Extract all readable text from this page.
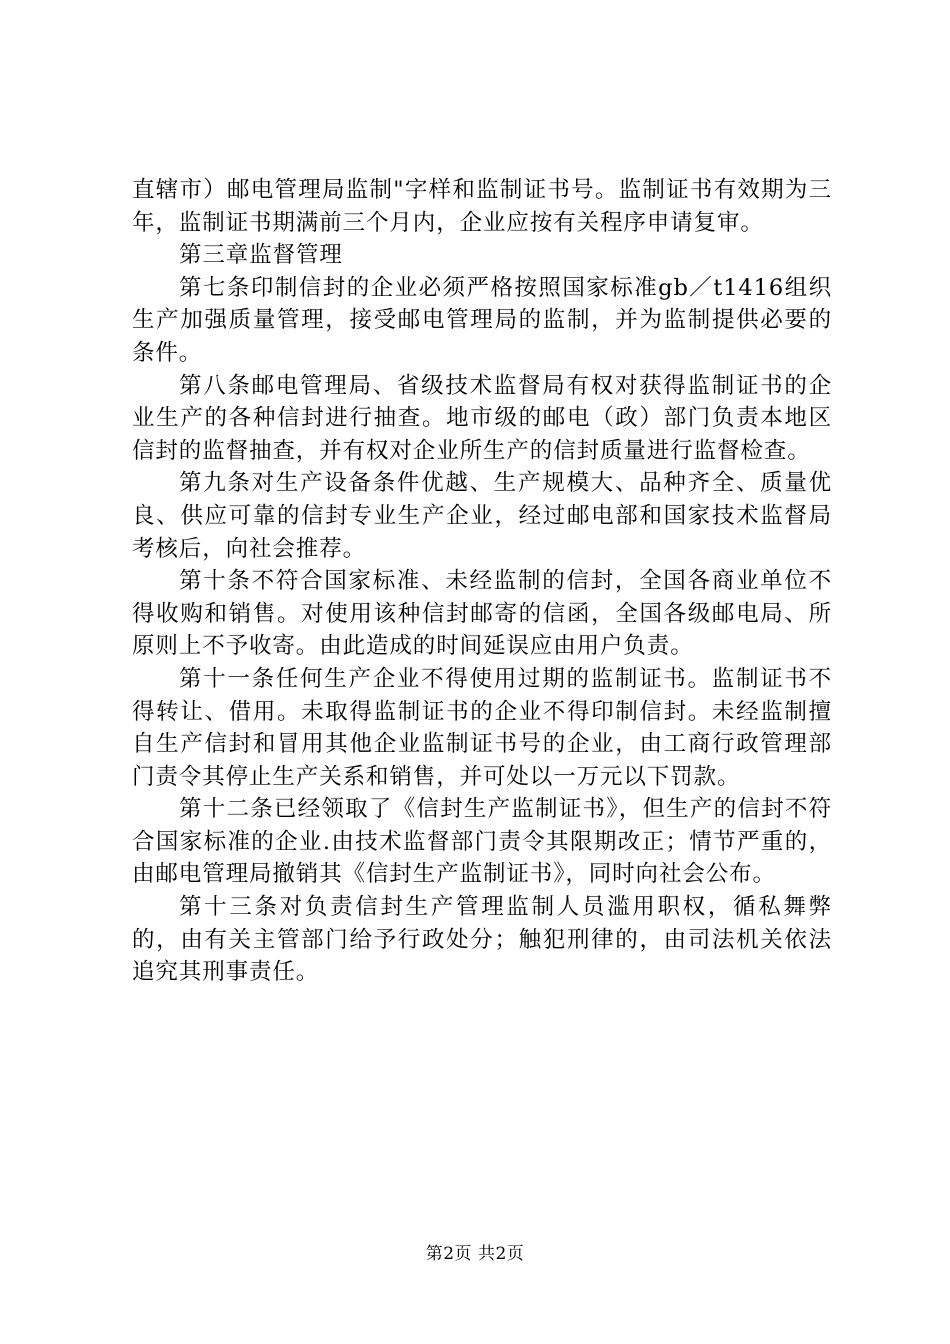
直辖市）邮电管理局监制"字样和监制证书号。监制证书有效期为三年，监制证书期满前三个月内，企业应按有关程序申请复审。

第三章监督管理

第七条印制信封的企业必须严格按照国家标准gb／t1416组织生产加强质量管理，接受邮电管理局的监制，并为监制提供必要的条件。

第八条邮电管理局、省级技术监督局有权对获得监制证书的企业生产的各种信封进行抽查。地市级的邮电（政）部门负责本地区信封的监督抽查，并有权对企业所生产的信封质量进行监督检查。

第九条对生产设备条件优越、生产规模大、品种齐全、质量优良、供应可靠的信封专业生产企业，经过邮电部和国家技术监督局考核后，向社会推荐。

第十条不符合国家标准、未经监制的信封，全国各商业单位不得收购和销售。对使用该种信封邮寄的信函，全国各级邮电局、所原则上不予收寄。由此造成的时间延误应由用户负责。

第十一条任何生产企业不得使用过期的监制证书。监制证书不得转让、借用。未取得监制证书的企业不得印制信封。未经监制擅自生产信封和冒用其他企业监制证书号的企业，由工商行政管理部门责令其停止生产关系和销售，并可处以一万元以下罚款。

第十二条已经领取了《信封生产监制证书》，但生产的信封不符合国家标准的企业.由技术监督部门责令其限期改正；情节严重的，由邮电管理局撤销其《信封生产监制证书》，同时向社会公布。

第十三条对负责信封生产管理监制人员滥用职权，循私舞弊的，由有关主管部门给予行政处分；触犯刑律的，由司法机关依法追究其刑事责任。

第2页 共2页
